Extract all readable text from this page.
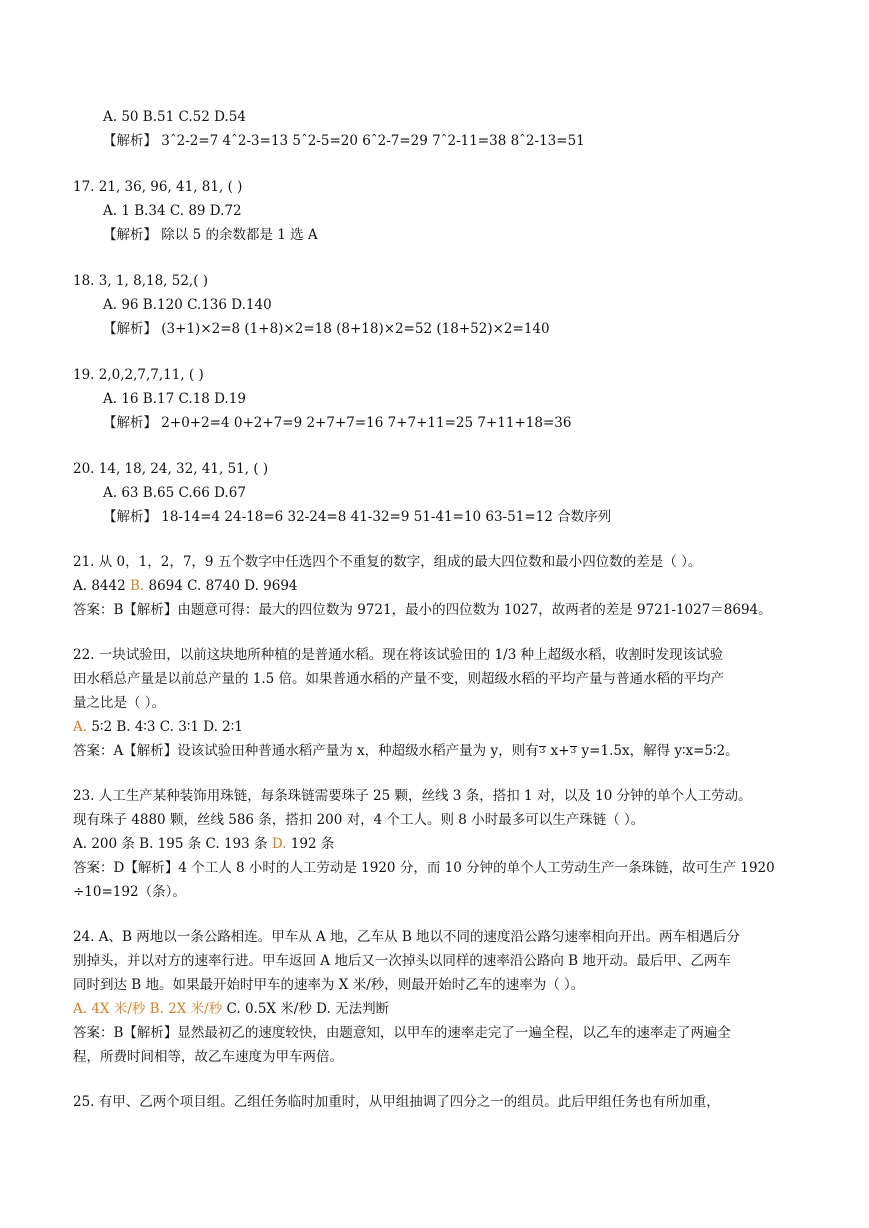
A. 50 B.51 C.52 D.54
【解析】 3ˆ2-2=7 4ˆ2-3=13 5ˆ2-5=20 6ˆ2-7=29 7ˆ2-11=38 8ˆ2-13=51
17. 21, 36, 96, 41, 81, ( )
A. 1 B.34 C. 89 D.72
【解析】 除以 5 的余数都是 1 选 A
18. 3, 1, 8,18, 52,( )
A. 96 B.120 C.136 D.140
【解析】 (3+1)×2=8 (1+8)×2=18 (8+18)×2=52 (18+52)×2=140
19. 2,0,2,7,7,11, ( )
A. 16 B.17 C.18 D.19
【解析】 2+0+2=4 0+2+7=9 2+7+7=16 7+7+11=25 7+11+18=36
20. 14, 18, 24, 32, 41, 51, ( )
A. 63 B.65 C.66 D.67
【解析】 18-14=4 24-18=6 32-24=8 41-32=9 51-41=10 63-51=12 合数序列
21. 从 0，1，2，7，9 五个数字中任选四个不重复的数字，组成的最大四位数和最小四位数的差是（ ）。
A. 8442 B. 8694 C. 8740 D. 9694
答案：B【解析】由题意可得：最大的四位数为 9721，最小的四位数为 1027，故两者的差是 9721-1027＝8694。
22. 一块试验田，以前这块地所种植的是普通水稻。现在将该试验田的 1/3 种上超级水稻，收割时发现该试验
田水稻总产量是以前总产量的 1.5 倍。如果普通水稻的产量不变，则超级水稻的平均产量与普通水稻的平均产
量之比是（ ）。
A. 5∶2 B. 4∶3 C. 3∶1 D. 2∶1
答案：A【解析】设该试验田种普通水稻产量为 x，种超级水稻产量为 y，则有3 x+3 y=1.5x，解得 y∶x=5∶2。
23. 人工生产某种装饰用珠链，每条珠链需要珠子 25 颗，丝线 3 条，搭扣 1 对，以及 10 分钟的单个人工劳动。
现有珠子 4880 颗，丝线 586 条，搭扣 200 对，4 个工人。则 8 小时最多可以生产珠链（ ）。
A. 200 条 B. 195 条 C. 193 条 D. 192 条
答案：D【解析】4 个工人 8 小时的人工劳动是 1920 分，而 10 分钟的单个人工劳动生产一条珠链，故可生产 1920
÷10=192（条）。
24. A、B 两地以一条公路相连。甲车从 A 地，乙车从 B 地以不同的速度沿公路匀速率相向开出。两车相遇后分
别掉头，并以对方的速率行进。甲车返回 A 地后又一次掉头以同样的速率沿公路向 B 地开动。最后甲、乙两车
同时到达 B 地。如果最开始时甲车的速率为 X 米/秒，则最开始时乙车的速率为（ ）。
A. 4X 米/秒 B. 2X 米/秒 C. 0.5X 米/秒 D. 无法判断
答案：B【解析】显然最初乙的速度较快，由题意知，以甲车的速率走完了一遍全程，以乙车的速率走了两遍全
程，所费时间相等，故乙车速度为甲车两倍。
25. 有甲、乙两个项目组。乙组任务临时加重时，从甲组抽调了四分之一的组员。此后甲组任务也有所加重，
